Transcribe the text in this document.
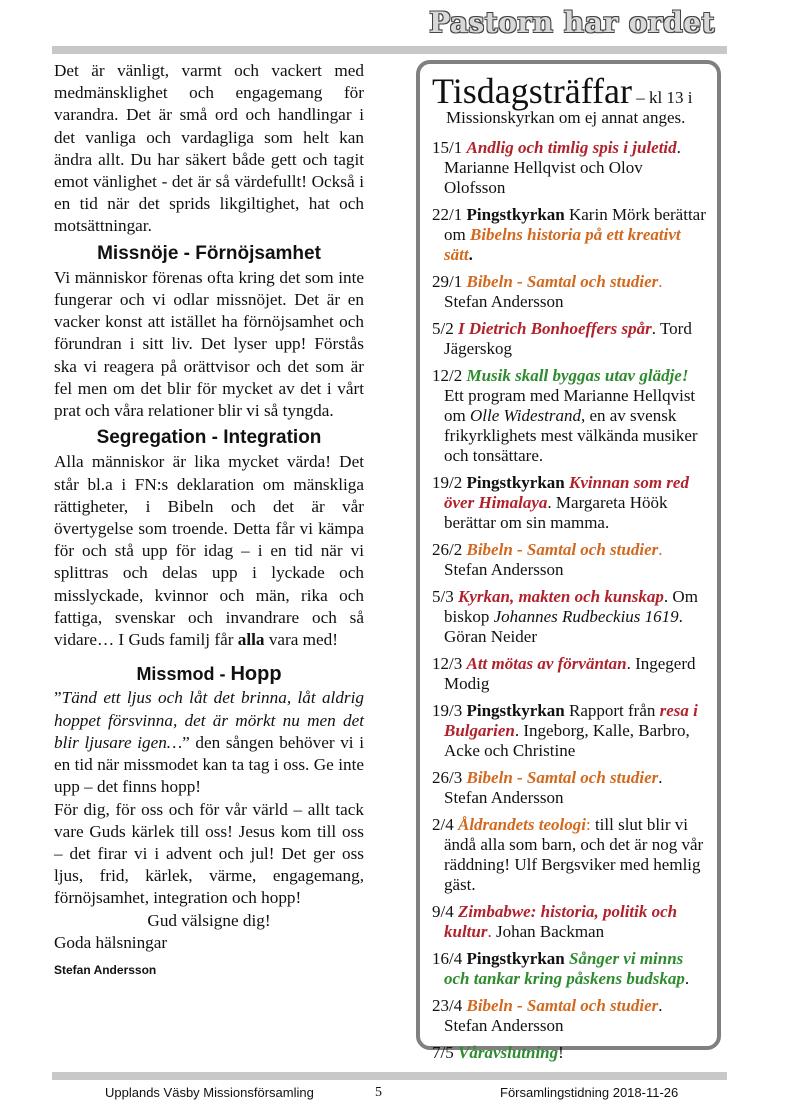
Pastorn har ordet

Det är vänligt, varmt och vackert med medmänsklighet och engagemang för varandra. Det är små ord och handlingar i det vanliga och vardagliga som helt kan ändra allt. Du har säkert både gett och tagit emot vänlighet - det är så värdefullt! Också i en tid när det sprids likgiltighet, hat och motsättningar.

Missnöje - Förnöjsamhet

Vi människor förenas ofta kring det som inte fungerar och vi odlar missnöjet. Det är en vacker konst att istället ha förnöjsamhet och förundran i sitt liv. Det lyser upp! Förstås ska vi reagera på orättvisor och det som är fel men om det blir för mycket av det i vårt prat och våra relationer blir vi så tyngda.

Segregation - Integration

Alla människor är lika mycket värda! Det står bl.a i FN:s deklaration om mänskliga rättigheter, i Bibeln och det är vår övertygelse som troende. Detta får vi kämpa för och stå upp för idag – i en tid när vi splittras och delas upp i lyckade och misslyckade, kvinnor och män, rika och fattiga, svenskar och invandrare och så vidare… I Guds familj får alla vara med!

Missmod - Hopp

”Tänd ett ljus och låt det brinna, låt aldrig hoppet försvinna, det är mörkt nu men det blir ljusare igen…” den sången behöver vi i en tid när missmodet kan ta tag i oss. Ge inte upp – det finns hopp!

För dig, för oss och för vår värld – allt tack vare Guds kärlek till oss! Jesus kom till oss – det firar vi i advent och jul! Det ger oss ljus, frid, kärlek, värme, engagemang, förnöjsamhet, integration och hopp!

Gud välsigne dig!
Goda hälsningar
Stefan Andersson
Tisdagsträffar – kl 13 i
Missionskyrkan om ej annat anges.
15/1 Andlig och timlig spis i juletid. Marianne Hellqvist och Olov Olofsson
22/1 Pingstkyrkan Karin Mörk berättar om Bibelns historia på ett kreativt sätt.
29/1 Bibeln - Samtal och studier. Stefan Andersson
5/2 I Dietrich Bonhoeffers spår. Tord Jägerskog
12/2 Musik skall byggas utav glädje! Ett program med Marianne Hellqvist om Olle Widestrand, en av svensk frikyrklighets mest välkända musiker och tonsättare.
19/2 Pingstkyrkan Kvinnan som red över Himalaya. Margareta Höök berättar om sin mamma.
26/2 Bibeln - Samtal och studier. Stefan Andersson
5/3 Kyrkan, makten och kunskap. Om biskop Johannes Rudbeckius 1619. Göran Neider
12/3 Att mötas av förväntan. Ingegerd Modig
19/3 Pingstkyrkan Rapport från resa i Bulgarien. Ingeborg, Kalle, Barbro, Acke och Christine
26/3 Bibeln - Samtal och studier. Stefan Andersson
2/4 Åldrandets teologi: till slut blir vi ändå alla som barn, och det är nog vår räddning! Ulf Bergsviker med hemlig gäst.
9/4 Zimbabwe: historia, politik och kultur. Johan Backman
16/4 Pingstkyrkan Sånger vi minns och tankar kring påskens budskap.
23/4 Bibeln - Samtal och studier. Stefan Andersson
7/5 Våravslutning!
Upplands Väsby Missionsförsamling	5	Församlingstidning 2018-11-26
